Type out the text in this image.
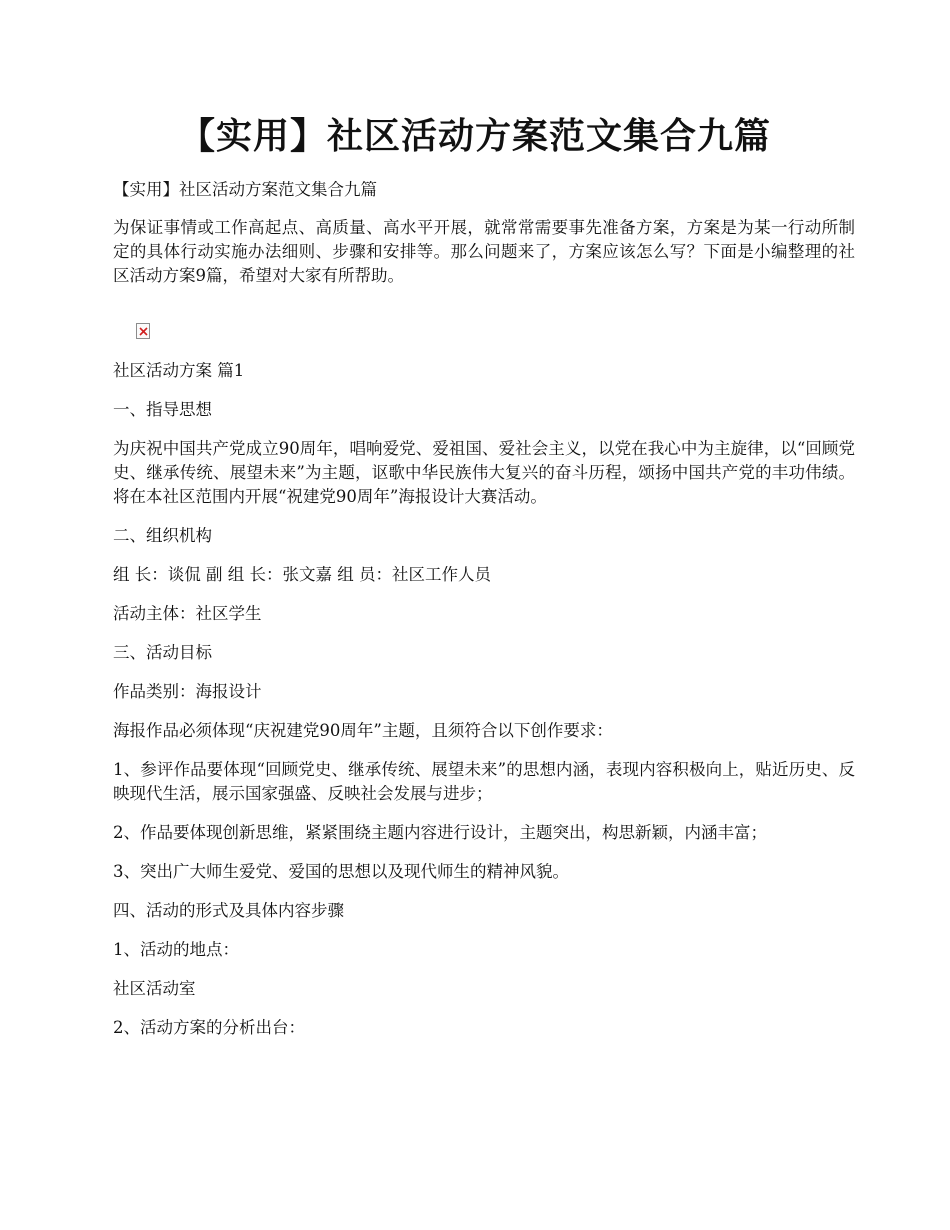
【实用】社区活动方案范文集合九篇

【实用】社区活动方案范文集合九篇

为保证事情或工作高起点、高质量、高水平开展，就常常需要事先准备方案，方案是为某一行动所制定的具体行动实施办法细则、步骤和安排等。那么问题来了，方案应该怎么写？下面是小编整理的社区活动方案9篇，希望对大家有所帮助。

社区活动方案 篇1

一、指导思想

为庆祝中国共产党成立90周年，唱响爱党、爱祖国、爱社会主义，以党在我心中为主旋律，以“回顾党史、继承传统、展望未来”为主题，讴歌中华民族伟大复兴的奋斗历程，颂扬中国共产党的丰功伟绩。将在本社区范围内开展“祝建党90周年”海报设计大赛活动。

二、组织机构

组 长：谈侃 副 组 长：张文嘉 组 员：社区工作人员

活动主体：社区学生

三、活动目标

作品类别：海报设计

海报作品必须体现“庆祝建党90周年”主题，且须符合以下创作要求：

1、参评作品要体现“回顾党史、继承传统、展望未来”的思想内涵，表现内容积极向上，贴近历史、反映现代生活，展示国家强盛、反映社会发展与进步；

2、作品要体现创新思维，紧紧围绕主题内容进行设计，主题突出，构思新颖，内涵丰富；

3、突出广大师生爱党、爱国的思想以及现代师生的精神风貌。

四、活动的形式及具体内容步骤

1、活动的地点：

社区活动室

2、活动方案的分析出台：
